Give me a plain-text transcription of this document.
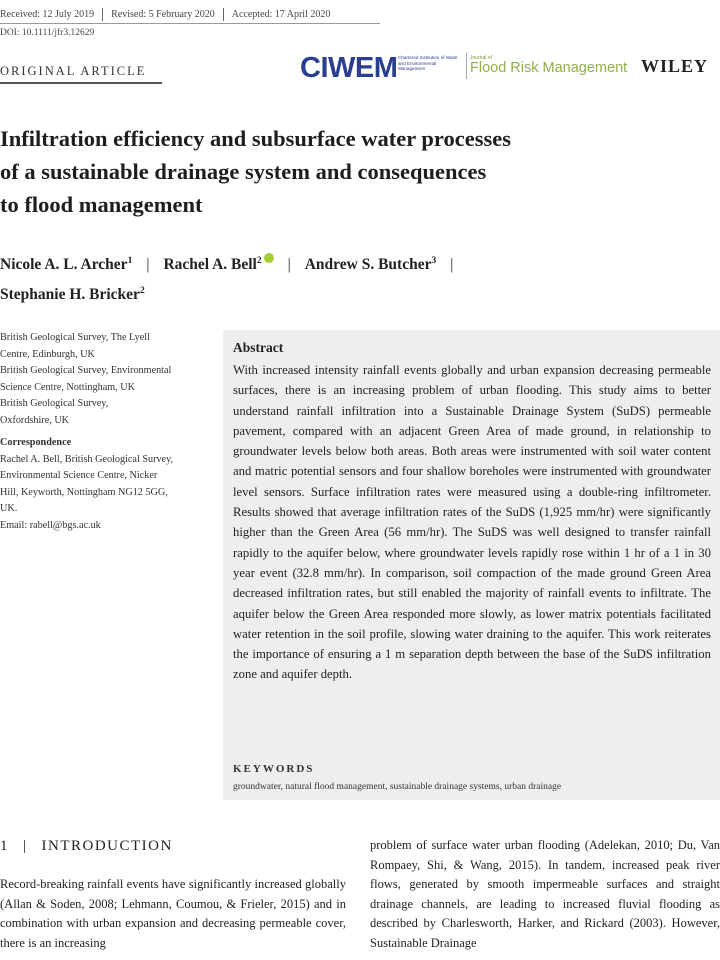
Received: 12 July 2019 Revised: 5 February 2020 Accepted: 17 April 2020
DOI: 10.1111/jfr3.12629
ORIGINAL ARTICLE	CIWEM Chartered Institution of Water and Environmental Management
Journal of
Flood Risk Management WILEY
Infiltration efficiency and subsurface water processes
of a sustainable drainage system and consequences
to flood management
Nicole A. L. Archer$^1$ | Rachel A. Bell$^2$ | Andrew S. Butcher$^3$ |
Stephanie H. Bricker$^2$
British Geological Survey, The Lyell
Centre, Edinburgh, UK
British Geological Survey, Environmental
Science Centre, Nottingham, UK
British Geological Survey,
Oxfordshire, UK
Correspondence
Rachel A. Bell, British Geological Survey,
Environmental Science Centre, Nicker
Hill, Keyworth, Nottingham NG12 5GG,
UK.
Email: rabell@bgs.ac.uk
Abstract
With increased intensity rainfall events globally and urban expansion decreasing permeable surfaces, there is an increasing problem of urban flooding. This study aims to better understand rainfall infiltration into a Sustainable Drainage System (SuDS) permeable pavement, compared with an adjacent Green Area of made ground, in relationship to groundwater levels below both areas. Both areas were instrumented with soil water content and matric potential sensors and four shallow boreholes were instrumented with groundwater level sensors. Surface infiltration rates were measured using a double-ring infiltrometer. Results showed that average infiltration rates of the SuDS (1,925 mm/hr) were significantly higher than the Green Area (56 mm/hr). The SuDS was well designed to transfer rainfall rapidly to the aquifer below, where groundwater levels rapidly rose within 1 hr of a 1 in 30 year event (32.8 mm/hr). In comparison, soil compaction of the made ground Green Area decreased infiltration rates, but still enabled the majority of rainfall events to infiltrate. The aquifer below the Green Area responded more slowly, as lower matrix potentials facilitated water retention in the soil profile, slowing water draining to the aquifer. This work reiterates the importance of ensuring a 1 m separation depth between the base of the SuDS infiltration zone and aquifer depth.
KEYWORDS
groundwater, natural flood management, sustainable drainage systems, urban drainage
1 | INTRODUCTION
Record-breaking rainfall events have significantly increased globally (Allan & Soden, 2008; Lehmann, Coumou, & Frieler, 2015) and in combination with urban expansion and decreasing permeable cover, there is an increasing
problem of surface water urban flooding (Adelekan, 2010; Du, Van Rompaey, Shi, & Wang, 2015). In tandem, increased peak river flows, generated by smooth impermeable surfaces and straight drainage channels, are leading to increased fluvial flooding as described by Charlesworth, Harker, and Rickard (2003). However, Sustainable Drainage
